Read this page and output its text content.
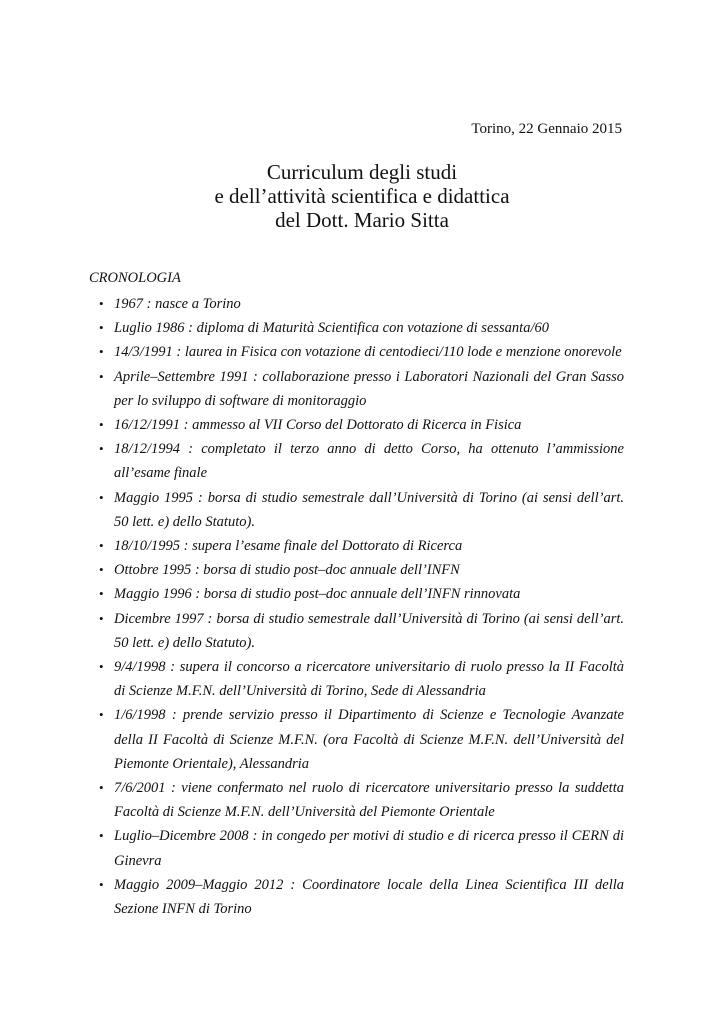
Torino, 22 Gennaio 2015
Curriculum degli studi
e dell’attività scientifica e didattica
del Dott. Mario Sitta
CRONOLOGIA
• 1967 : nasce a Torino
• Luglio 1986 : diploma di Maturità Scientifica con votazione di sessanta/60
• 14/3/1991 : laurea in Fisica con votazione di centodieci/110 lode e menzione onorevole
• Aprile–Settembre 1991 : collaborazione presso i Laboratori Nazionali del Gran Sasso per lo sviluppo di software di monitoraggio
• 16/12/1991 : ammesso al VII Corso del Dottorato di Ricerca in Fisica
• 18/12/1994 : completato il terzo anno di detto Corso, ha ottenuto l’ammissione all’esame finale
• Maggio 1995 : borsa di studio semestrale dall’Università di Torino (ai sensi dell’art. 50 lett. e) dello Statuto).
• 18/10/1995 : supera l’esame finale del Dottorato di Ricerca
• Ottobre 1995 : borsa di studio post–doc annuale dell’INFN
• Maggio 1996 : borsa di studio post–doc annuale dell’INFN rinnovata
• Dicembre 1997 : borsa di studio semestrale dall’Università di Torino (ai sensi dell’art. 50 lett. e) dello Statuto).
• 9/4/1998 : supera il concorso a ricercatore universitario di ruolo presso la II Facoltà di Scienze M.F.N. dell’Università di Torino, Sede di Alessandria
• 1/6/1998 : prende servizio presso il Dipartimento di Scienze e Tecnologie Avanzate della II Facoltà di Scienze M.F.N. (ora Facoltà di Scienze M.F.N. dell’Università del Piemonte Orientale), Alessandria
• 7/6/2001 : viene confermato nel ruolo di ricercatore universitario presso la suddetta Facoltà di Scienze M.F.N. dell’Università del Piemonte Orientale
• Luglio–Dicembre 2008 : in congedo per motivi di studio e di ricerca presso il CERN di Ginevra
• Maggio 2009–Maggio 2012 : Coordinatore locale della Linea Scientifica III della Sezione INFN di Torino
